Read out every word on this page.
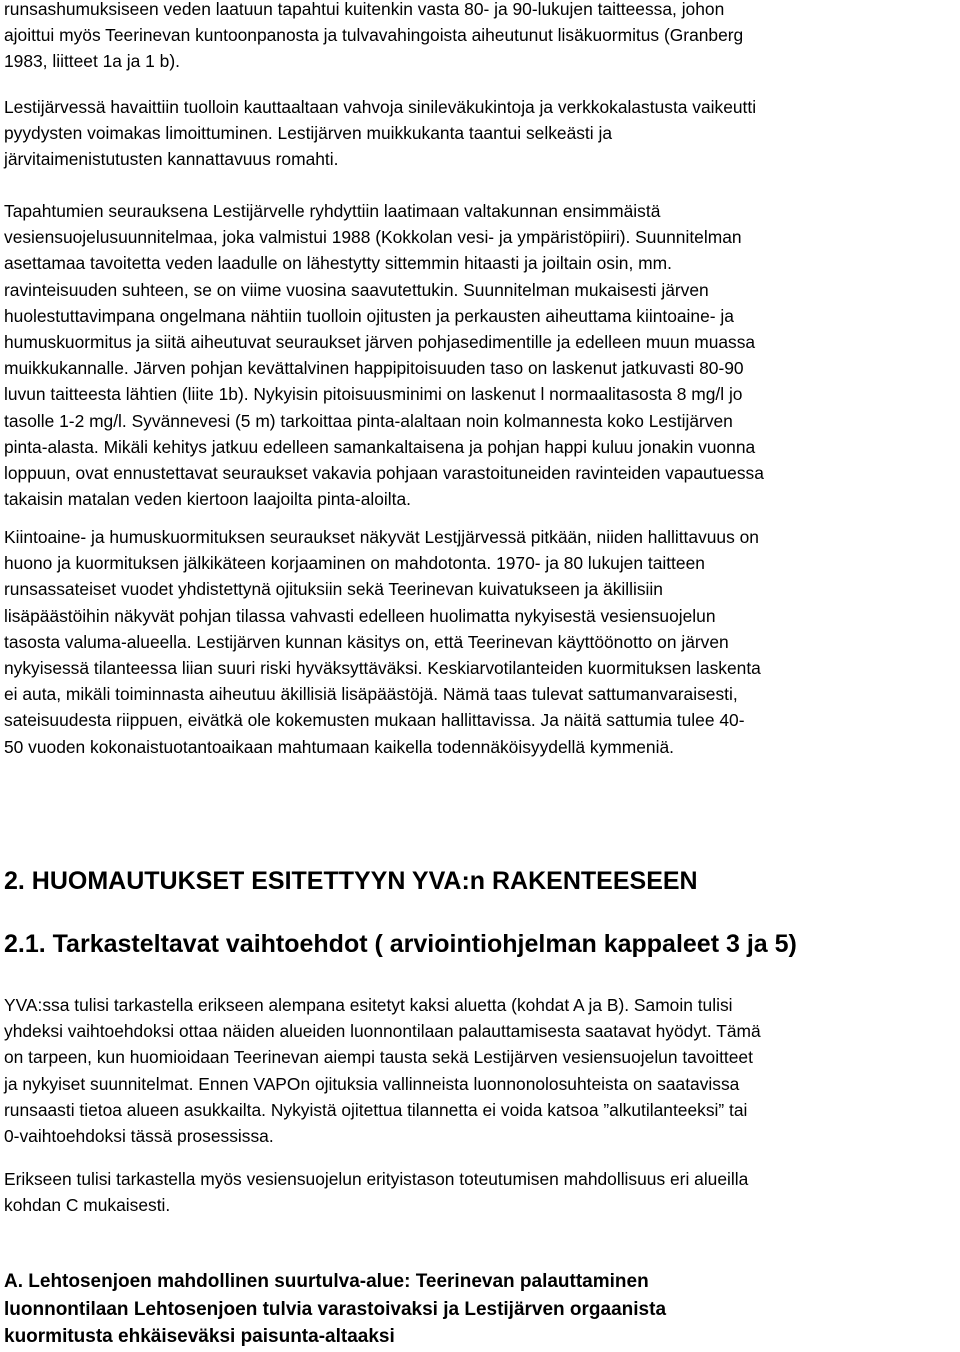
runsashumuksiseen veden laatuun tapahtui kuitenkin vasta 80- ja 90-lukujen taitteessa, johon
ajoittui myös Teerinevan kuntoonpanosta ja tulvavahingoista aiheutunut lisäkuormitus (Granberg
1983, liitteet 1a ja 1 b).

Lestijärvessä havaittiin tuolloin kauttaaltaan vahvoja sinileväkukintoja ja verkkokalastusta vaikeutti
pyydysten voimakas limoittuminen. Lestijärven muikkukanta taantui selkeästi ja
järvitaimenistutusten kannattavuus romahti.

Tapahtumien seurauksena Lestijärvelle ryhdyttiin laatimaan valtakunnan ensimmäistä
vesiensuojelusuunnitelmaa, joka valmistui 1988 (Kokkolan vesi- ja ympäristöpiiri). Suunnitelman
asettamaa tavoitetta veden laadulle on lähestytty sittemmin hitaasti ja joiltain osin, mm.
ravinteisuuden suhteen, se on viime vuosina saavutettukin. Suunnitelman mukaisesti järven
huolestuttavimpana ongelmana nähtiin tuolloin ojitusten ja perkausten aiheuttama kiintoaine- ja
humuskuormitus ja siitä aiheutuvat seuraukset järven pohjasedimentille ja edelleen muun muassa
muikkukannalle. Järven pohjan kevättalvinen happipitoisuuden taso on laskenut jatkuvasti 80-90
luvun taitteesta lähtien (liite 1b). Nykyisin pitoisuusminimi on laskenut l normaalitasosta 8 mg/l jo
tasolle 1-2 mg/l. Syvännevesi (5 m) tarkoittaa pinta-alaltaan noin kolmannesta koko Lestijärven
pinta-alasta. Mikäli kehitys jatkuu edelleen samankaltaisena ja pohjan happi kuluu jonakin vuonna
loppuun, ovat ennustettavat seuraukset vakavia pohjaan varastoituneiden ravinteiden vapautuessa
takaisin matalan veden kiertoon laajoilta pinta-aloilta.

Kiintoaine- ja humuskuormituksen seuraukset näkyvät Lestjjärvessä pitkään, niiden hallittavuus on
huono ja kuormituksen jälkikäteen korjaaminen on mahdotonta. 1970- ja 80 lukujen taitteen
runsassateiset vuodet yhdistettynä ojituksiin sekä Teerinevan kuivatukseen ja äkillisiin
lisäpäästöihin näkyvät pohjan tilassa vahvasti edelleen huolimatta nykyisestä vesiensuojelun
tasosta valuma-alueella. Lestijärven kunnan käsitys on, että Teerinevan käyttöönotto on järven
nykyisessä tilanteessa liian suuri riski hyväksyttäväksi. Keskiarvotilanteiden kuormituksen laskenta
ei auta, mikäli toiminnasta aiheutuu äkillisiä lisäpäästöjä. Nämä taas tulevat sattumanvaraisesti,
sateisuudesta riippuen, eivätkä ole kokemusten mukaan hallittavissa. Ja näitä sattumia tulee 40-
50 vuoden kokonaistuotantoaikaan mahtumaan kaikella todennäköisyydellä kymmeniä.

2. HUOMAUTUKSET ESITETTYYN YVA:n RAKENTEESEEN
2.1. Tarkasteltavat vaihtoehdot ( arviointiohjelman kappaleet 3 ja 5)

YVA:ssa tulisi tarkastella erikseen alempana esitetyt kaksi aluetta (kohdat A ja B). Samoin tulisi
yhdeksi vaihtoehdoksi ottaa näiden alueiden luonnontilaan palauttamisesta saatavat hyödyt. Tämä
on tarpeen, kun huomioidaan Teerinevan aiempi tausta sekä Lestijärven vesiensuojelun tavoitteet
ja nykyiset suunnitelmat. Ennen VAPOn ojituksia vallinneista luonnonolosuhteista on saatavissa
runsaasti tietoa alueen asukkailta. Nykyistä ojitettua tilannetta ei voida katsoa ”alkutilanteeksi” tai
0-vaihtoehdoksi tässä prosessissa.

Erikseen tulisi tarkastella myös vesiensuojelun erityistason toteutumisen mahdollisuus eri alueilla
kohdan C mukaisesti.

A. Lehtosenjoen mahdollinen suurtulva-alue: Teerinevan palauttaminen
luonnontilaan Lehtosenjoen tulvia varastoivaksi ja Lestijärven orgaanista
kuormitusta ehkäiseväksi paisunta-altaaksi
